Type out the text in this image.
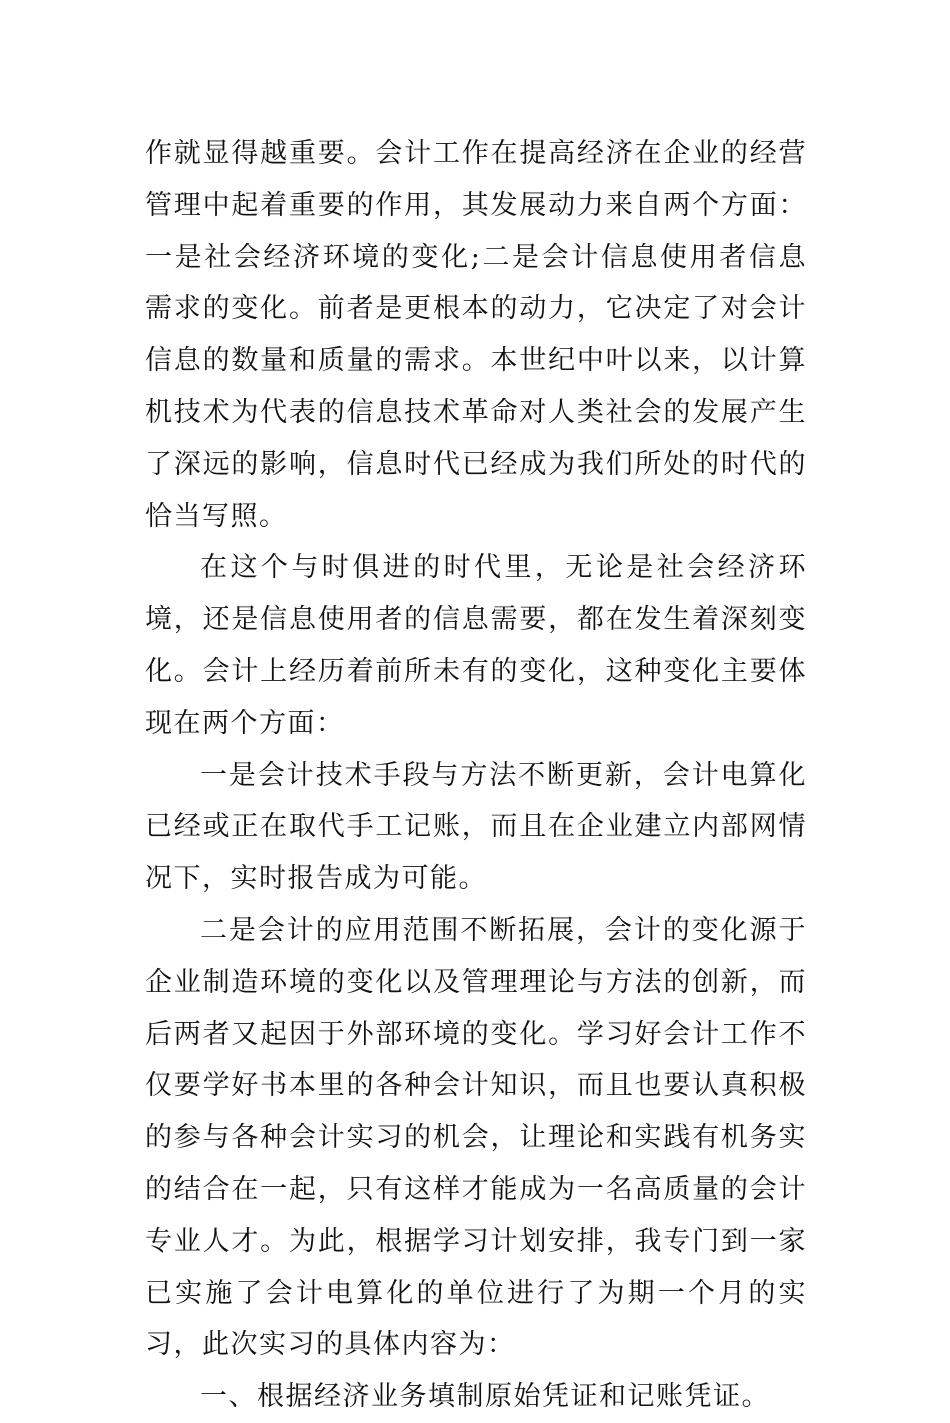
作就显得越重要。会计工作在提高经济在企业的经营管理中起着重要的作用，其发展动力来自两个方面：一是社会经济环境的变化;二是会计信息使用者信息需求的变化。前者是更根本的动力，它决定了对会计信息的数量和质量的需求。本世纪中叶以来，以计算机技术为代表的信息技术革命对人类社会的发展产生了深远的影响，信息时代已经成为我们所处的时代的恰当写照。

在这个与时俱进的时代里，无论是社会经济环境，还是信息使用者的信息需要，都在发生着深刻变化。会计上经历着前所未有的变化，这种变化主要体现在两个方面：

一是会计技术手段与方法不断更新，会计电算化已经或正在取代手工记账，而且在企业建立内部网情况下，实时报告成为可能。

二是会计的应用范围不断拓展，会计的变化源于企业制造环境的变化以及管理理论与方法的创新，而后两者又起因于外部环境的变化。学习好会计工作不仅要学好书本里的各种会计知识，而且也要认真积极的参与各种会计实习的机会，让理论和实践有机务实的结合在一起，只有这样才能成为一名高质量的会计专业人才。为此，根据学习计划安排，我专门到一家已实施了会计电算化的单位进行了为期一个月的实习，此次实习的具体内容为：

一、根据经济业务填制原始凭证和记账凭证。
